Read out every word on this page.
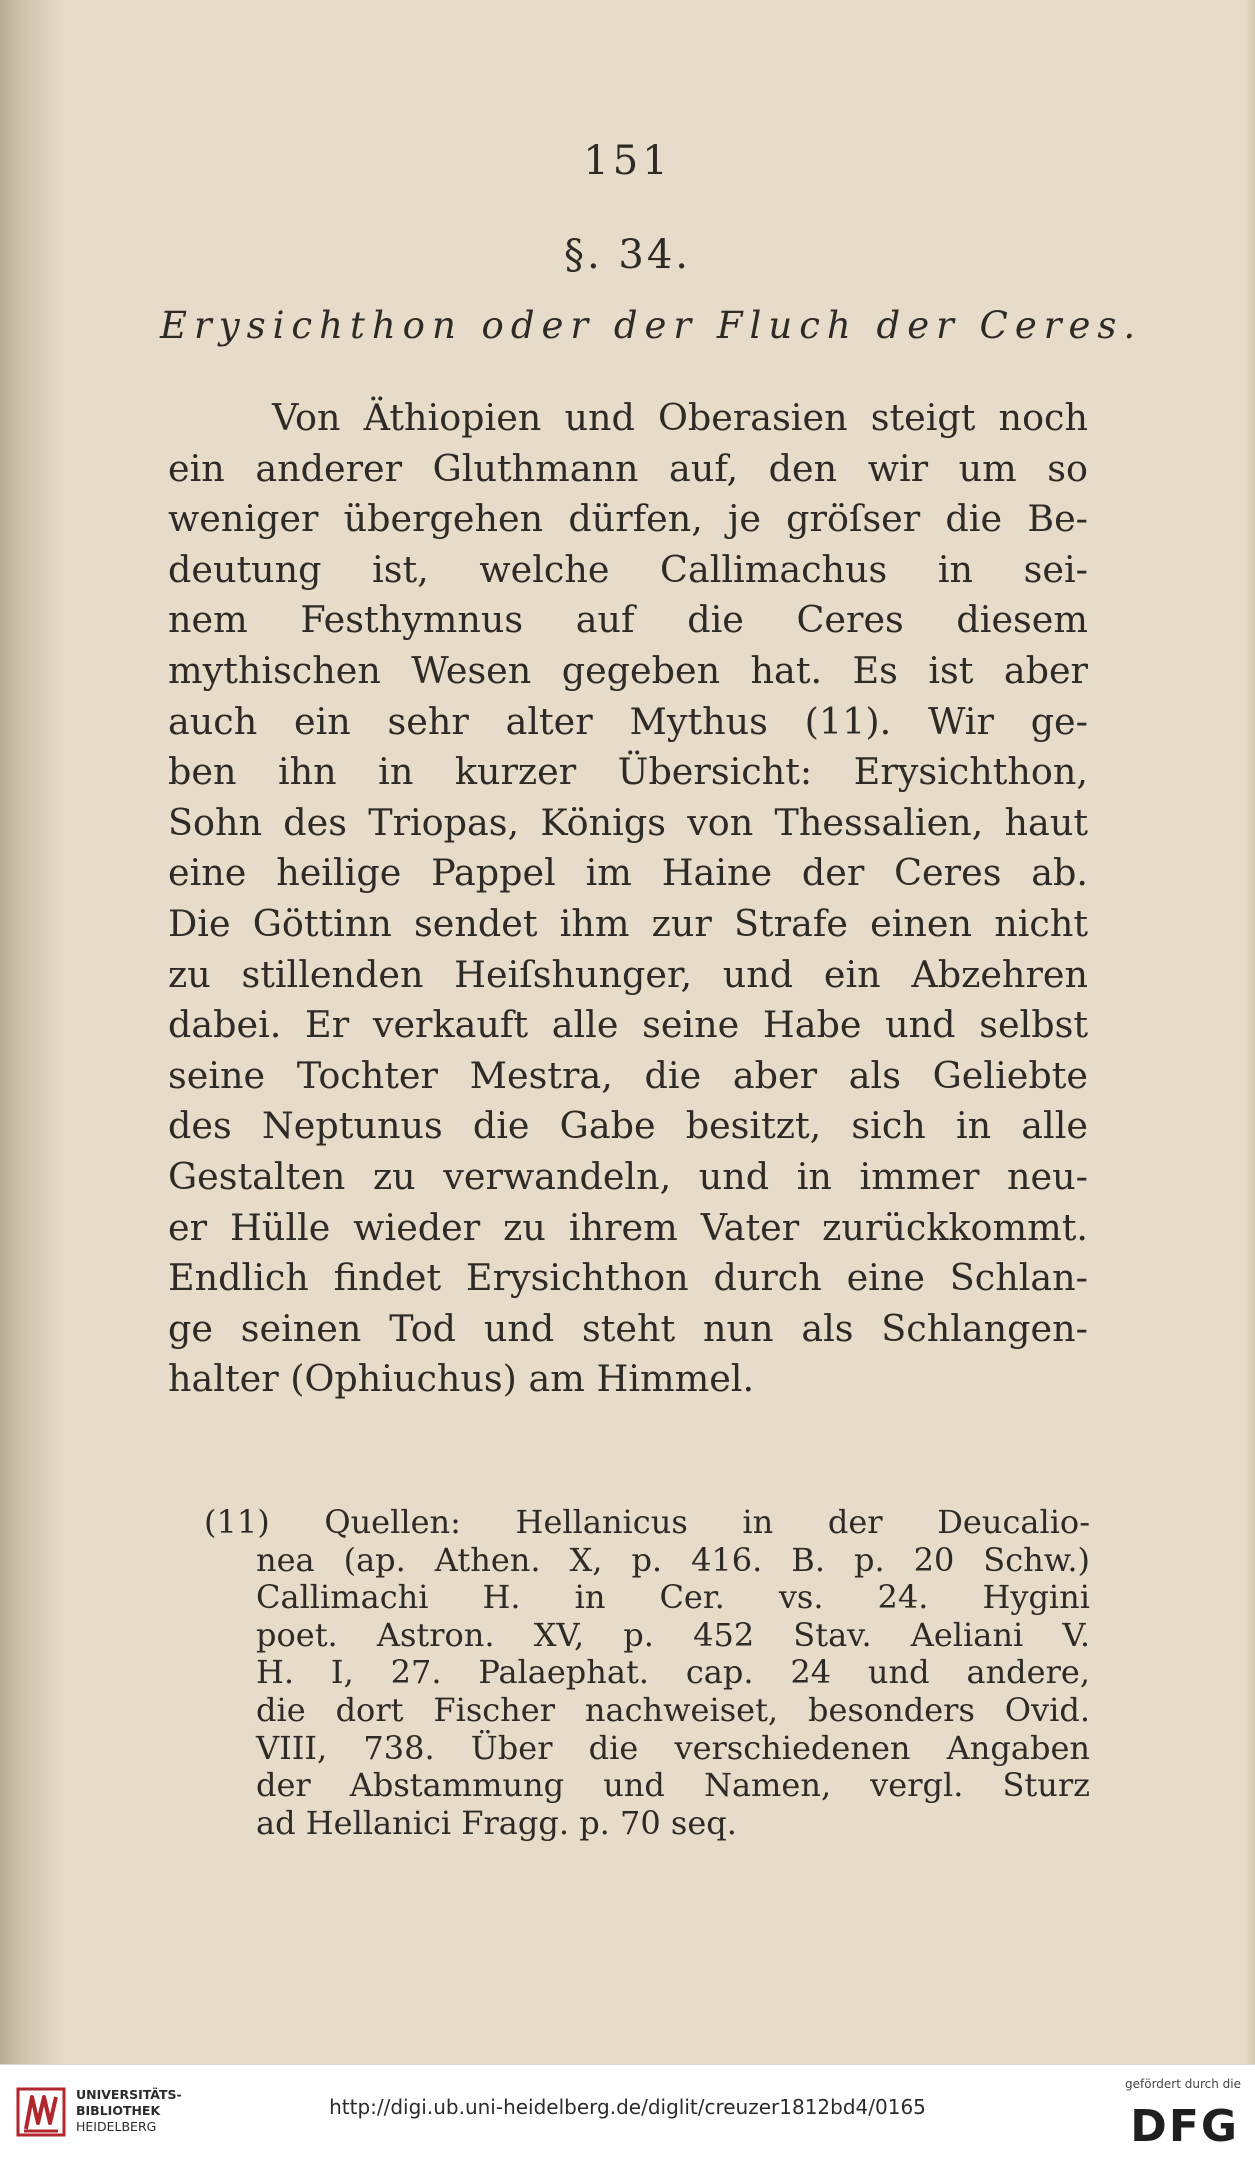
151
§. 34.
Erysichthon oder der Fluch der Ceres.
Von Äthiopien und Oberasien steigt noch
ein anderer Gluthmann auf, den wir um so
weniger übergehen dürfen, je gröſser die Be-
deutung ist, welche Callimachus in sei-
nem Festhymnus auf die Ceres diesem
mythischen Wesen gegeben hat. Es ist aber
auch ein sehr alter Mythus (11). Wir ge-
ben ihn in kurzer Übersicht: Erysichthon,
Sohn des Triopas, Königs von Thessalien, haut
eine heilige Pappel im Haine der Ceres ab.
Die Göttinn sendet ihm zur Strafe einen nicht
zu stillenden Heiſshunger, und ein Abzehren
dabei. Er verkauft alle seine Habe und selbst
seine Tochter Mestra, die aber als Geliebte
des Neptunus die Gabe besitzt, sich in alle
Gestalten zu verwandeln, und in immer neu-
er Hülle wieder zu ihrem Vater zurückkommt.
Endlich findet Erysichthon durch eine Schlan-
ge seinen Tod und steht nun als Schlangen-
halter (Ophiuchus) am Himmel.
(11) Quellen: Hellanicus in der Deucalio-
nea (ap. Athen. X, p. 416. B. p. 20 Schw.)
Callimachi H. in Cer. vs. 24. Hygini
poet. Astron. XV, p. 452 Stav. Aeliani V.
H. I, 27. Palaephat. cap. 24 und andere,
die dort Fischer nachweiset, besonders Ovid.
VIII, 738. Über die verschiedenen Angaben
der Abstammung und Namen, vergl. Sturz
ad Hellanici Fragg. p. 70 seq.
UNIVERSITÄTS-
BIBLIOTHEK
HEIDELBERG
http://digi.ub.uni-heidelberg.de/diglit/creuzer1812bd4/0165
gefördert durch die
DFG
